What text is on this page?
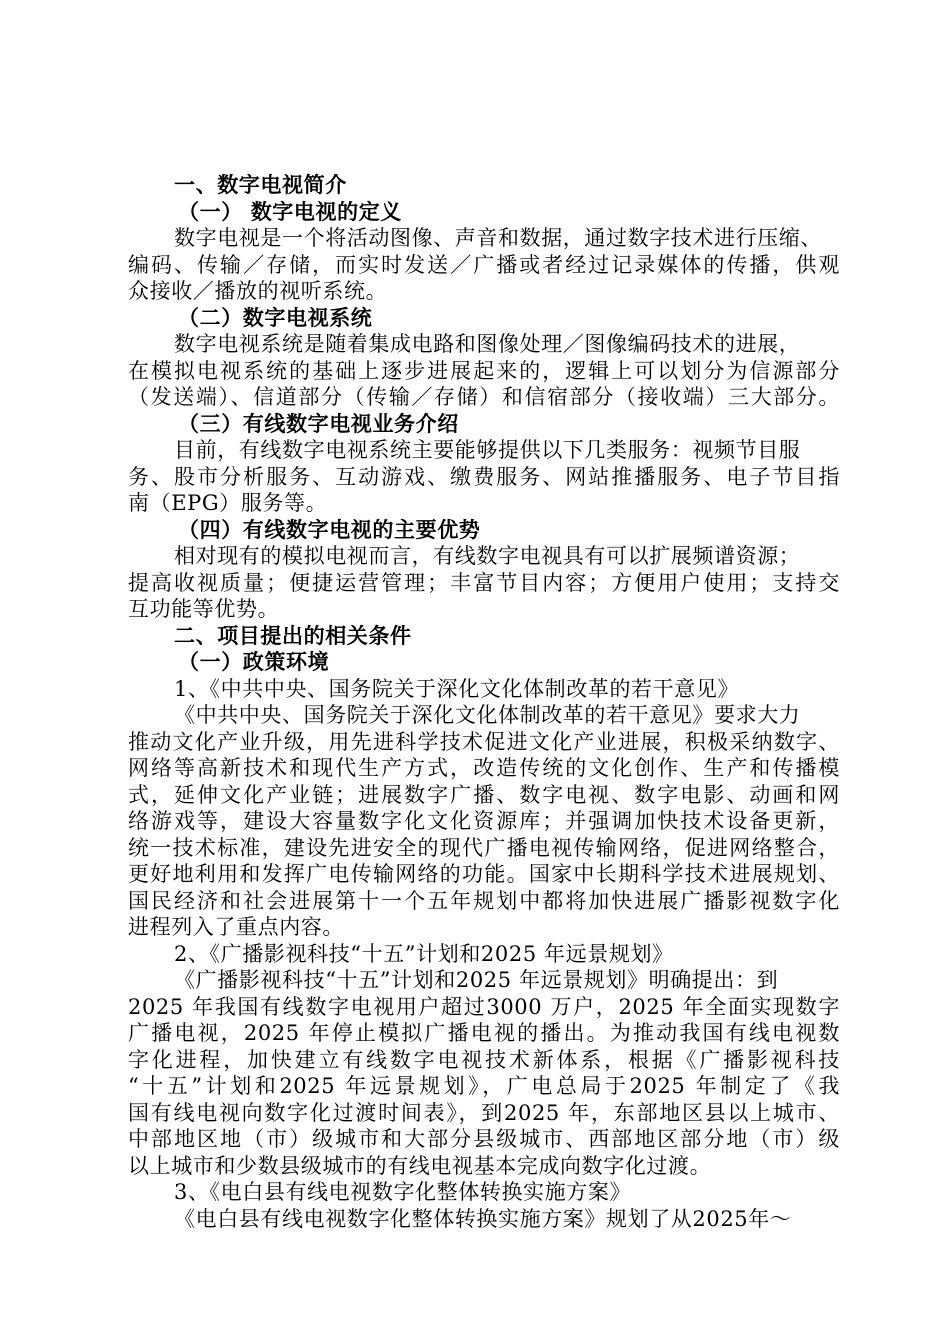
一、数字电视简介
（一） 数字电视的定义
数字电视是一个将活动图像、声音和数据，通过数字技术进行压缩、
编码、传输／存储，而实时发送／广播或者经过记录媒体的传播，供观
众接收／播放的视听系统。
（二）数字电视系统
数字电视系统是随着集成电路和图像处理／图像编码技术的进展，
在模拟电视系统的基础上逐步进展起来的，逻辑上可以划分为信源部分
（发送端）、信道部分（传输／存储）和信宿部分（接收端）三大部分。
（三）有线数字电视业务介绍
目前，有线数字电视系统主要能够提供以下几类服务：视频节目服
务、股市分析服务、互动游戏、缴费服务、网站推播服务、电子节目指
南（EPG）服务等。
（四）有线数字电视的主要优势
相对现有的模拟电视而言，有线数字电视具有可以扩展频谱资源；
提高收视质量；便捷运营管理；丰富节目内容；方便用户使用；支持交
互功能等优势。
二、项目提出的相关条件
（一）政策环境
1、《中共中央、国务院关于深化文化体制改革的若干意见》
《中共中央、国务院关于深化文化体制改革的若干意见》要求大力
推动文化产业升级，用先进科学技术促进文化产业进展，积极采纳数字、
网络等高新技术和现代生产方式，改造传统的文化创作、生产和传播模
式，延伸文化产业链；进展数字广播、数字电视、数字电影、动画和网
络游戏等，建设大容量数字化文化资源库；并强调加快技术设备更新，
统一技术标准，建设先进安全的现代广播电视传输网络，促进网络整合，
更好地利用和发挥广电传输网络的功能。国家中长期科学技术进展规划、
国民经济和社会进展第十一个五年规划中都将加快进展广播影视数字化
进程列入了重点内容。
2、《广播影视科技“十五”计划和2025 年远景规划》
《广播影视科技“十五”计划和2025 年远景规划》明确提出：到
2025 年我国有线数字电视用户超过3000 万户，2025 年全面实现数字
广播电视，2025 年停止模拟广播电视的播出。为推动我国有线电视数
字化进程，加快建立有线数字电视技术新体系，根据《广播影视科技
“十五”计划和2025 年远景规划》，广电总局于2025 年制定了《我
国有线电视向数字化过渡时间表》，到2025 年，东部地区县以上城市、
中部地区地（市）级城市和大部分县级城市、西部地区部分地（市）级
以上城市和少数县级城市的有线电视基本完成向数字化过渡。
3、《电白县有线电视数字化整体转换实施方案》
《电白县有线电视数字化整体转换实施方案》规划了从2025年～
